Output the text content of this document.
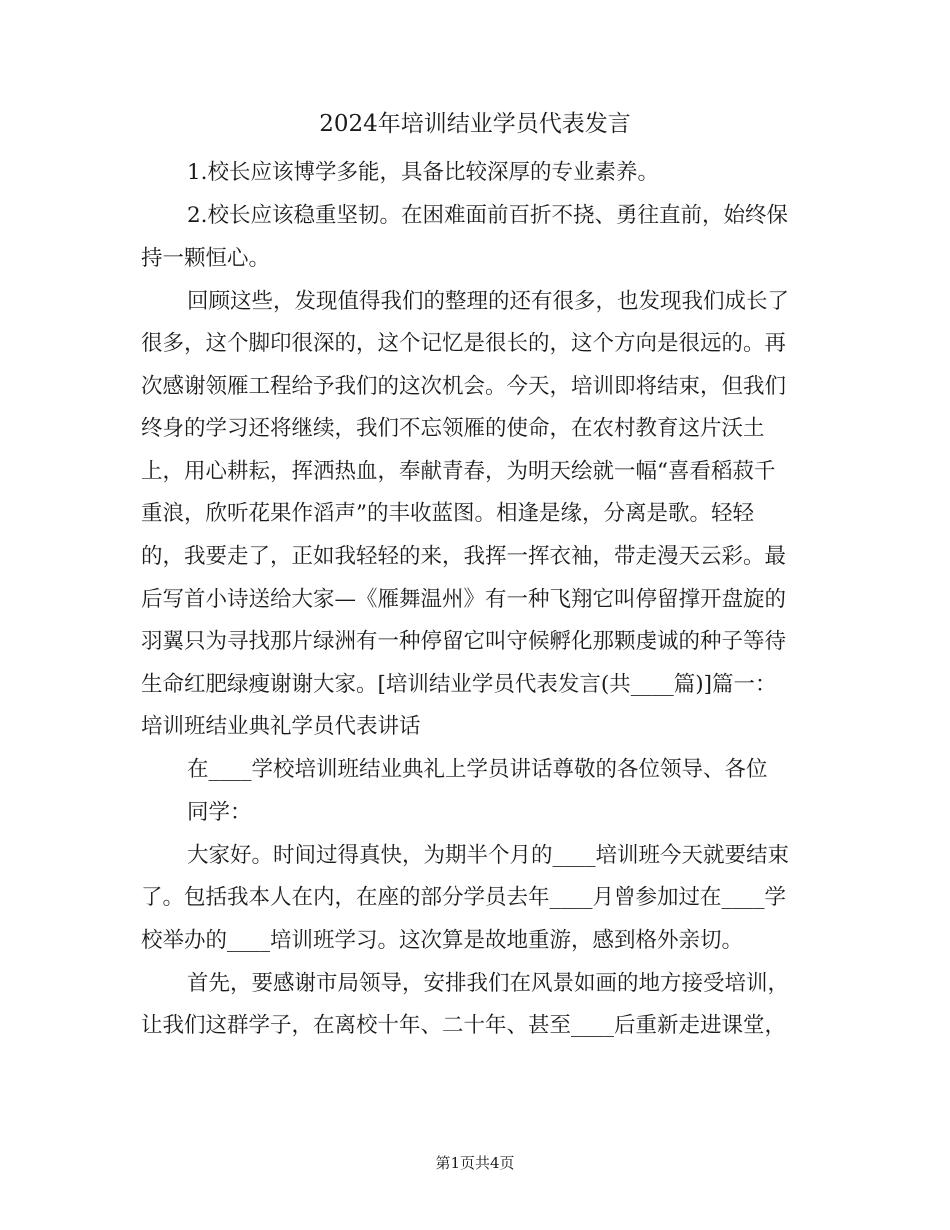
2024年培训结业学员代表发言
1.校长应该博学多能，具备比较深厚的专业素养。
2.校长应该稳重坚韧。在困难面前百折不挠、勇往直前，始终保
持一颗恒心。
回顾这些，发现值得我们的整理的还有很多，也发现我们成长了
很多，这个脚印很深的，这个记忆是很长的，这个方向是很远的。再
次感谢领雁工程给予我们的这次机会。今天，培训即将结束，但我们
终身的学习还将继续，我们不忘领雁的使命，在农村教育这片沃土
上，用心耕耘，挥洒热血，奉献青春，为明天绘就一幅“喜看稻菽千
重浪，欣听花果作滔声”的丰收蓝图。相逢是缘，分离是歌。轻轻
的，我要走了，正如我轻轻的来，我挥一挥衣袖，带走漫天云彩。最
后写首小诗送给大家—《雁舞温州》有一种飞翔它叫停留撑开盘旋的
羽翼只为寻找那片绿洲有一种停留它叫守候孵化那颗虔诚的种子等待
生命红肥绿瘦谢谢大家。[培训结业学员代表发言(共____篇)]篇一：
培训班结业典礼学员代表讲话
在____学校培训班结业典礼上学员讲话尊敬的各位领导、各位
同学：
大家好。时间过得真快，为期半个月的____培训班今天就要结束
了。包括我本人在内，在座的部分学员去年____月曾参加过在____学
校举办的____培训班学习。这次算是故地重游，感到格外亲切。
首先，要感谢市局领导，安排我们在风景如画的地方接受培训，
让我们这群学子，在离校十年、二十年、甚至____后重新走进课堂，
第1页共4页
